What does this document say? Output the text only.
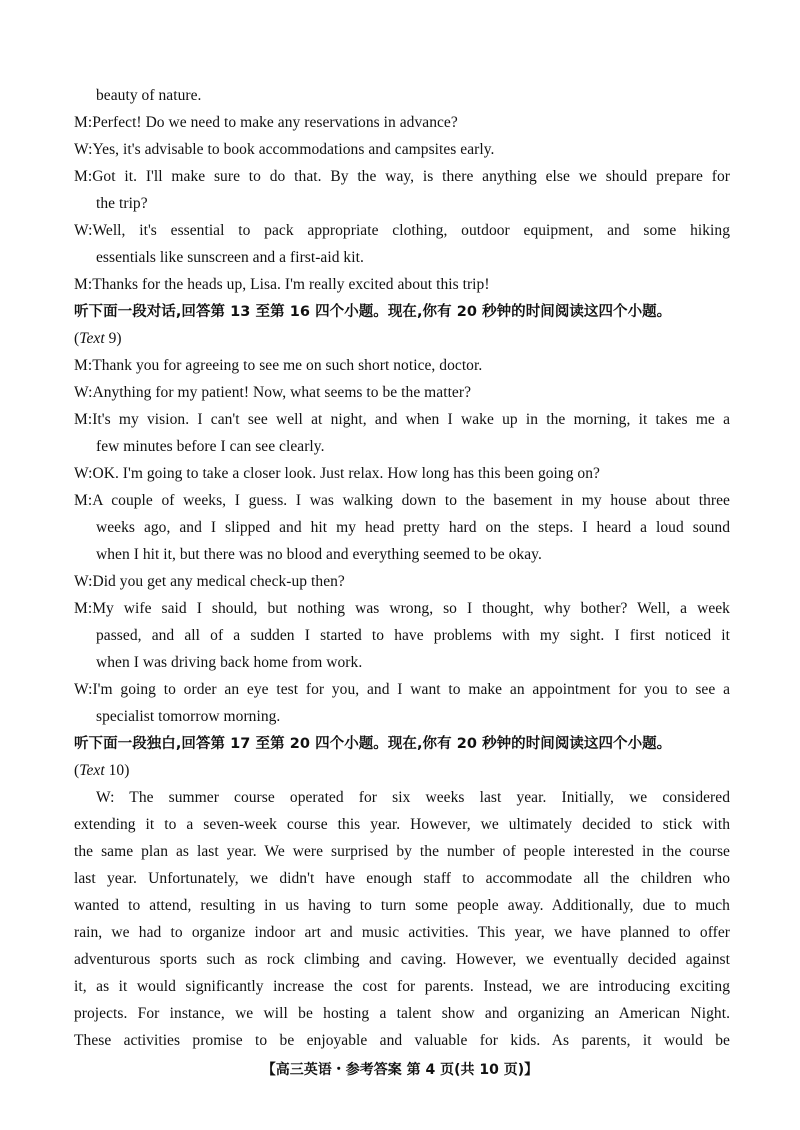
beauty of nature.
M:Perfect! Do we need to make any reservations in advance?
W:Yes, it's advisable to book accommodations and campsites early.
M:Got it. I'll make sure to do that. By the way, is there anything else we should prepare for
the trip?
W:Well, it's essential to pack appropriate clothing, outdoor equipment, and some hiking
essentials like sunscreen and a first-aid kit.
M:Thanks for the heads up, Lisa. I'm really excited about this trip!
听下面一段对话,回答第 13 至第 16 四个小题。现在,你有 20 秒钟的时间阅读这四个小题。
(Text 9)
M:Thank you for agreeing to see me on such short notice, doctor.
W:Anything for my patient! Now, what seems to be the matter?
M:It's my vision. I can't see well at night, and when I wake up in the morning, it takes me a
few minutes before I can see clearly.
W:OK. I'm going to take a closer look. Just relax. How long has this been going on?
M:A couple of weeks, I guess. I was walking down to the basement in my house about three
weeks ago, and I slipped and hit my head pretty hard on the steps. I heard a loud sound
when I hit it, but there was no blood and everything seemed to be okay.
W:Did you get any medical check-up then?
M:My wife said I should, but nothing was wrong, so I thought, why bother? Well, a week
passed, and all of a sudden I started to have problems with my sight. I first noticed it
when I was driving back home from work.
W:I'm going to order an eye test for you, and I want to make an appointment for you to see a
specialist tomorrow morning.
听下面一段独白,回答第 17 至第 20 四个小题。现在,你有 20 秒钟的时间阅读这四个小题。
(Text 10)
W: The summer course operated for six weeks last year. Initially, we considered
extending it to a seven-week course this year. However, we ultimately decided to stick with
the same plan as last year. We were surprised by the number of people interested in the course
last year. Unfortunately, we didn't have enough staff to accommodate all the children who
wanted to attend, resulting in us having to turn some people away. Additionally, due to much
rain, we had to organize indoor art and music activities. This year, we have planned to offer
adventurous sports such as rock climbing and caving. However, we eventually decided against
it, as it would significantly increase the cost for parents. Instead, we are introducing exciting
projects. For instance, we will be hosting a talent show and organizing an American Night.
These activities promise to be enjoyable and valuable for kids. As parents, it would be
【高三英语・参考答案 第 4 页(共 10 页)】
